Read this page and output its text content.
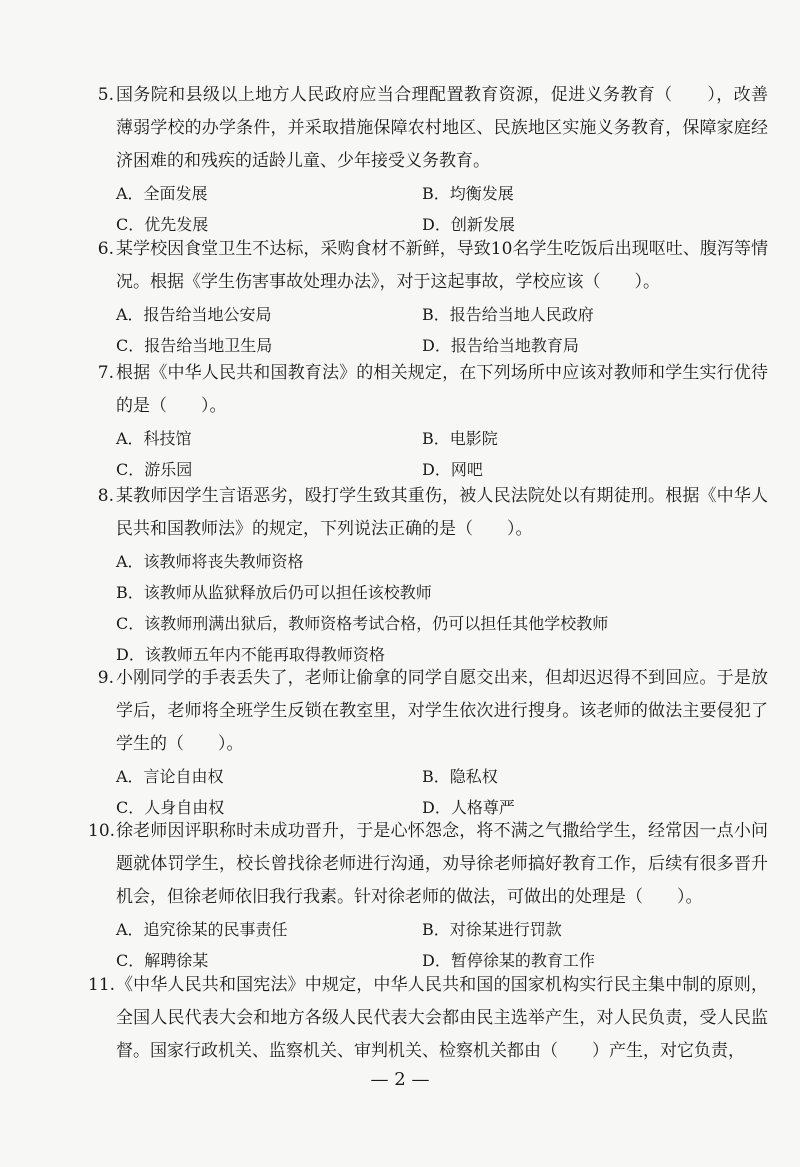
5. 国务院和县级以上地方人民政府应当合理配置教育资源，促进义务教育（　　），改善薄弱学校的办学条件，并采取措施保障农村地区、民族地区实施义务教育，保障家庭经济困难的和残疾的适龄儿童、少年接受义务教育。
A．全面发展	B．均衡发展
C．优先发展	D．创新发展
6. 某学校因食堂卫生不达标，采购食材不新鲜，导致10名学生吃饭后出现呕吐、腹泻等情况。根据《学生伤害事故处理办法》，对于这起事故，学校应该（　　）。
A．报告给当地公安局	B．报告给当地人民政府
C．报告给当地卫生局	D．报告给当地教育局
7. 根据《中华人民共和国教育法》的相关规定，在下列场所中应该对教师和学生实行优待的是（　　）。
A．科技馆	B．电影院
C．游乐园	D．网吧
8. 某教师因学生言语恶劣，殴打学生致其重伤，被人民法院处以有期徒刑。根据《中华人民共和国教师法》的规定，下列说法正确的是（　　）。
A．该教师将丧失教师资格
B．该教师从监狱释放后仍可以担任该校教师
C．该教师刑满出狱后，教师资格考试合格，仍可以担任其他学校教师
D．该教师五年内不能再取得教师资格
9. 小刚同学的手表丢失了，老师让偷拿的同学自愿交出来，但却迟迟得不到回应。于是放学后，老师将全班学生反锁在教室里，对学生依次进行搜身。该老师的做法主要侵犯了学生的（　　）。
A．言论自由权	B．隐私权
C．人身自由权	D．人格尊严
10. 徐老师因评职称时未成功晋升，于是心怀怨念，将不满之气撒给学生，经常因一点小问题就体罚学生，校长曾找徐老师进行沟通，劝导徐老师搞好教育工作，后续有很多晋升机会，但徐老师依旧我行我素。针对徐老师的做法，可做出的处理是（　　）。
A．追究徐某的民事责任	B．对徐某进行罚款
C．解聘徐某	D．暂停徐某的教育工作
11. 《中华人民共和国宪法》中规定，中华人民共和国的国家机构实行民主集中制的原则，全国人民代表大会和地方各级人民代表大会都由民主选举产生，对人民负责，受人民监督。国家行政机关、监察机关、审判机关、检察机关都由（　　）产生，对它负责，
— 2 —
